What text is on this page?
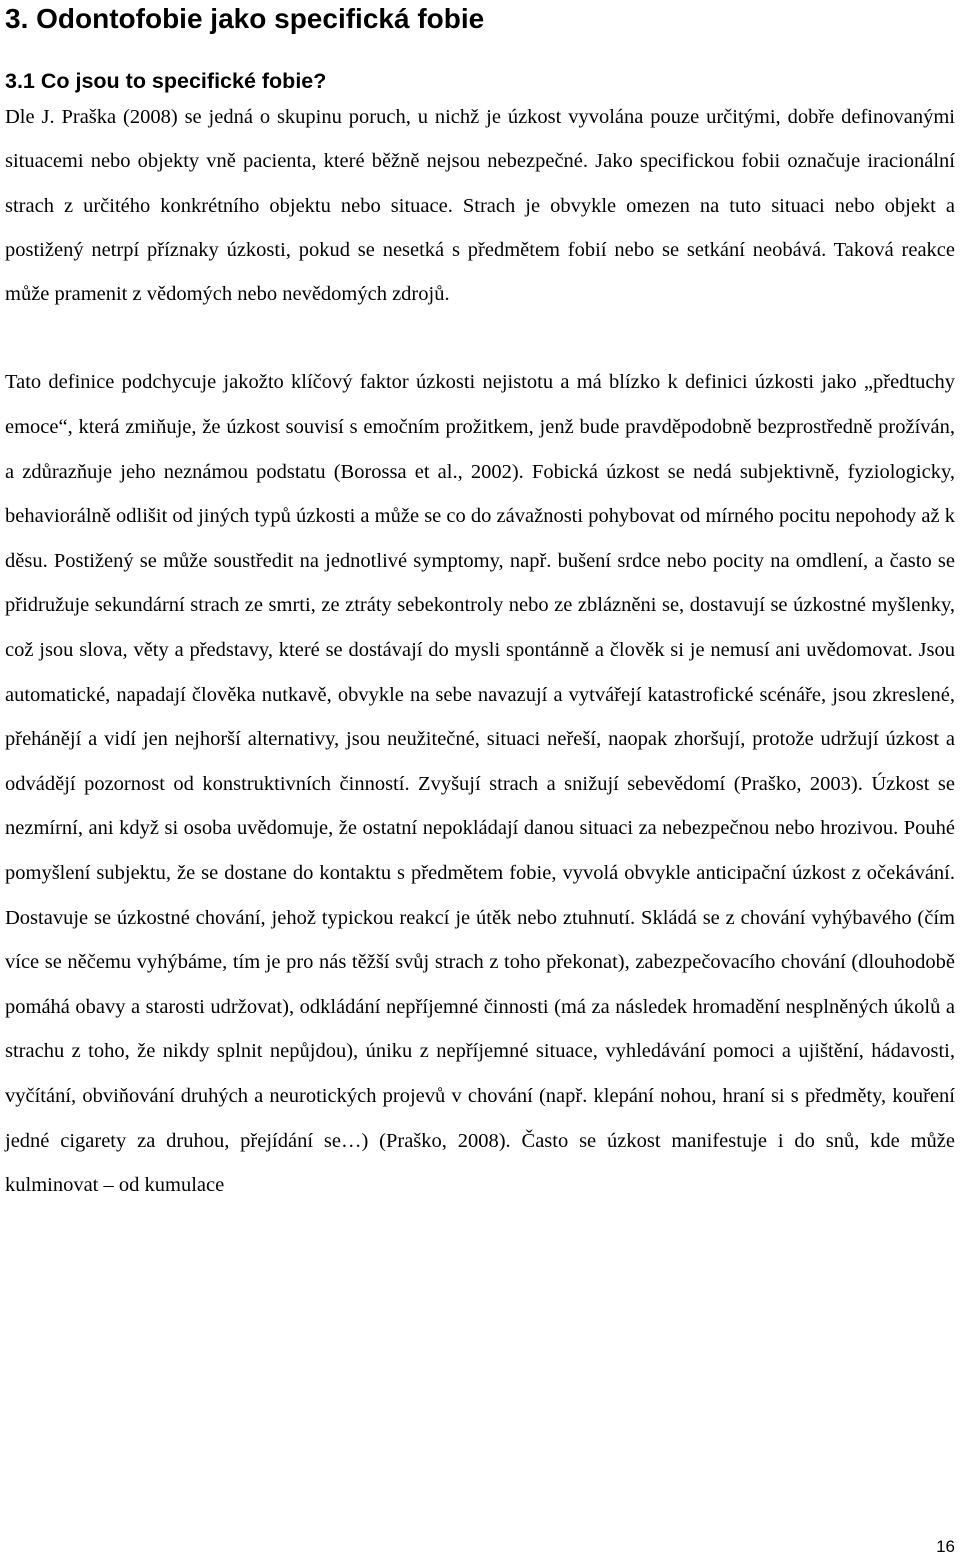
3. Odontofobie jako specifická fobie
3.1 Co jsou to specifické fobie?

Dle J. Praška (2008) se jedná o skupinu poruch, u nichž je úzkost vyvolána pouze určitými, dobře definovanými situacemi nebo objekty vně pacienta, které běžně nejsou nebezpečné. Jako specifickou fobii označuje iracionální strach z určitého konkrétního objektu nebo situace. Strach je obvykle omezen na tuto situaci nebo objekt a postižený netrpí příznaky úzkosti, pokud se nesetká s předmětem fobií nebo se setkání neobává. Taková reakce může pramenit z vědomých nebo nevědomých zdrojů.

Tato definice podchycuje jakožto klíčový faktor úzkosti nejistotu a má blízko k definici úzkosti jako „předtuchy emoce“, která zmiňuje, že úzkost souvisí s emočním prožitkem, jenž bude pravděpodobně bezprostředně prožíván, a zdůrazňuje jeho neznámou podstatu (Borossa et al., 2002). Fobická úzkost se nedá subjektivně, fyziologicky, behaviorálně odlišit od jiných typů úzkosti a může se co do závažnosti pohybovat od mírného pocitu nepohody až k děsu. Postižený se může soustředit na jednotlivé symptomy, např. bušení srdce nebo pocity na omdlení, a často se přidružuje sekundární strach ze smrti, ze ztráty sebekontroly nebo ze zblázněni se, dostavují se úzkostné myšlenky, což jsou slova, věty a představy, které se dostávají do mysli spontánně a člověk si je nemusí ani uvědomovat. Jsou automatické, napadají člověka nutkavě, obvykle na sebe navazují a vytvářejí katastrofické scénáře, jsou zkreslené, přehánějí a vidí jen nejhorší alternativy, jsou neužitečné, situaci neřeší, naopak zhoršují, protože udržují úzkost a odvádějí pozornost od konstruktivních činností. Zvyšují strach a snižují sebevědomí (Praško, 2003). Úzkost se nezmírní, ani když si osoba uvědomuje, že ostatní nepokládají danou situaci za nebezpečnou nebo hrozivou. Pouhé pomyšlení subjektu, že se dostane do kontaktu s předmětem fobie, vyvolá obvykle anticipační úzkost z očekávání. Dostavuje se úzkostné chování, jehož typickou reakcí je útěk nebo ztuhnutí. Skládá se z chování vyhýbavého (čím více se něčemu vyhýbáme, tím je pro nás těžší svůj strach z toho překonat), zabezpečovacího chování (dlouhodobě pomáhá obavy a starosti udržovat), odkládání nepříjemné činnosti (má za následek hromadění nesplněných úkolů a strachu z toho, že nikdy splnit nepůjdou), úniku z nepříjemné situace, vyhledávání pomoci a ujištění, hádavosti, vyčítání, obviňování druhých a neurotických projevů v chování (např. klepání nohou, hraní si s předměty, kouření jedné cigarety za druhou, přejídání se…) (Praško, 2008). Často se úzkost manifestuje i do snů, kde může kulminovat – od kumulace

16
